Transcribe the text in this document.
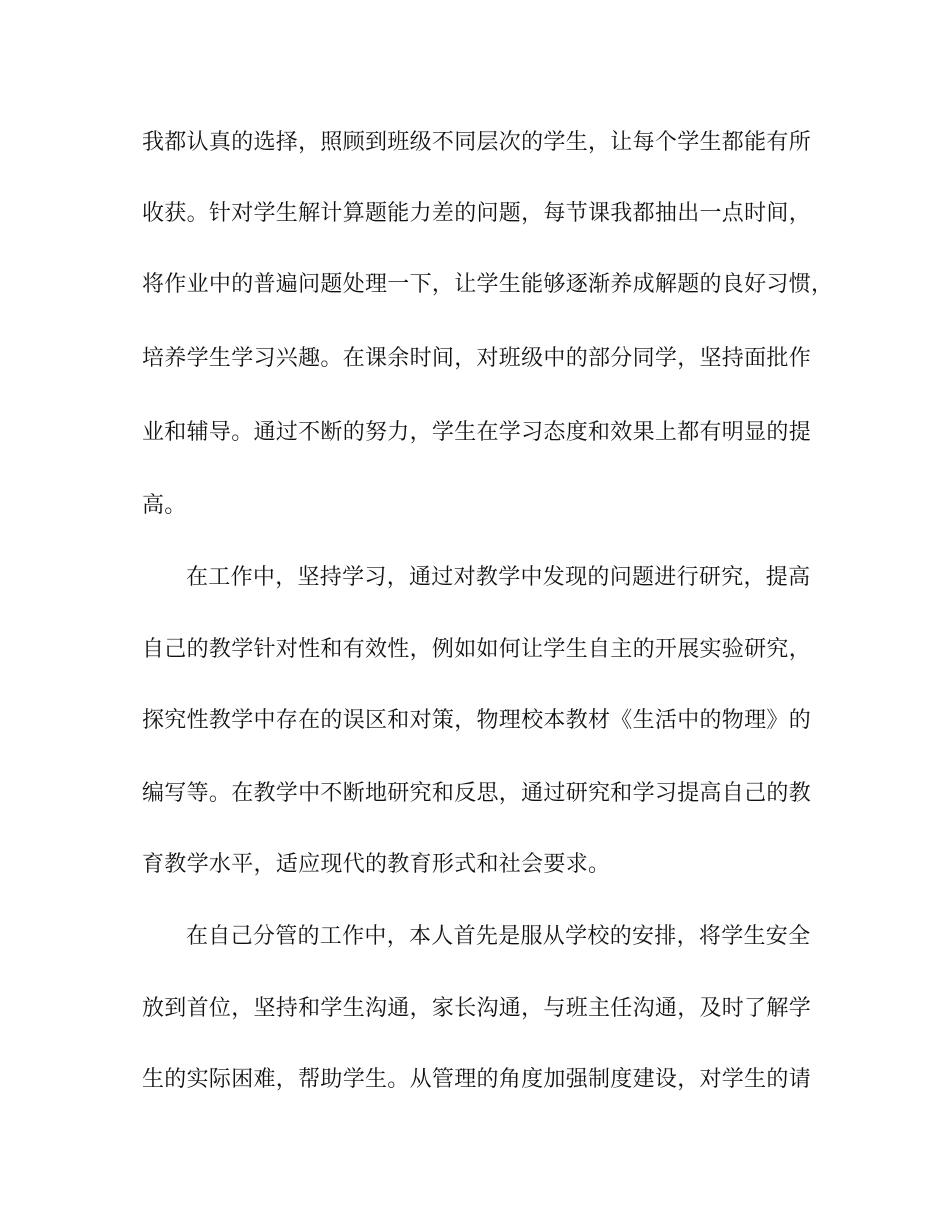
我都认真的选择，照顾到班级不同层次的学生，让每个学生都能有所
收获。针对学生解计算题能力差的问题，每节课我都抽出一点时间，
将作业中的普遍问题处理一下，让学生能够逐渐养成解题的良好习惯，
培养学生学习兴趣。在课余时间，对班级中的部分同学，坚持面批作
业和辅导。通过不断的努力，学生在学习态度和效果上都有明显的提
高。
在工作中，坚持学习，通过对教学中发现的问题进行研究，提高
自己的教学针对性和有效性，例如如何让学生自主的开展实验研究，
探究性教学中存在的误区和对策，物理校本教材《生活中的物理》的
编写等。在教学中不断地研究和反思，通过研究和学习提高自己的教
育教学水平，适应现代的教育形式和社会要求。
在自己分管的工作中，本人首先是服从学校的安排，将学生安全
放到首位，坚持和学生沟通，家长沟通，与班主任沟通，及时了解学
生的实际困难，帮助学生。从管理的角度加强制度建设，对学生的请
